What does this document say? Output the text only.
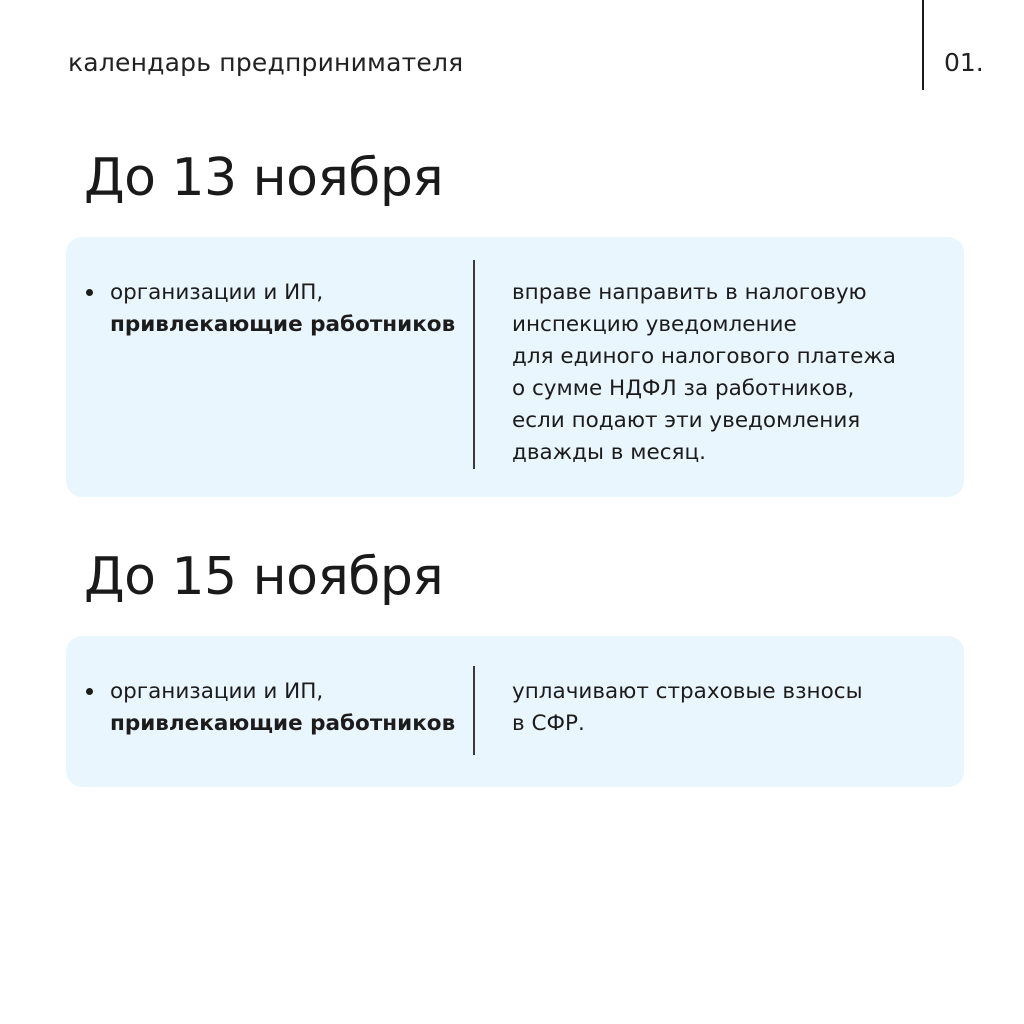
календарь предпринимателя	01.
До 13 ноября
организации и ИП,
привлекающие работников
вправе направить в налоговую
инспекцию уведомление
для единого налогового платежа
о сумме НДФЛ за работников,
если подают эти уведомления
дважды в месяц.
До 15 ноября
организации и ИП,
привлекающие работников
уплачивают страховые взносы
в СФР.
